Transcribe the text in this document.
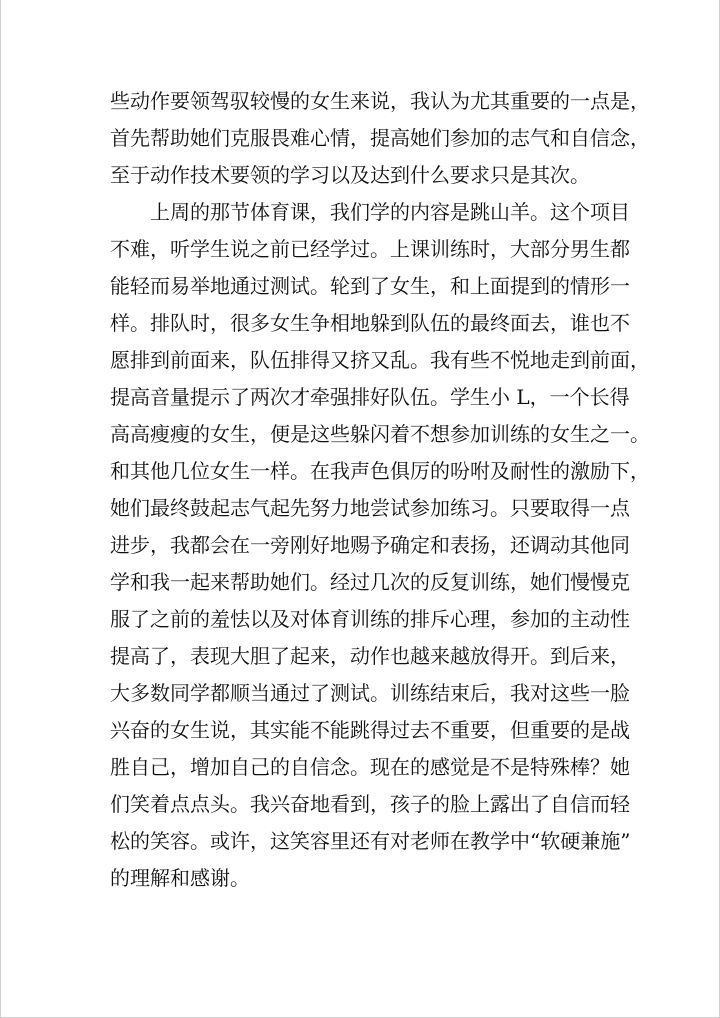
些动作要领驾驭较慢的女生来说，我认为尤其重要的一点是，
首先帮助她们克服畏难心情，提高她们参加的志气和自信念，
至于动作技术要领的学习以及达到什么要求只是其次。
上周的那节体育课，我们学的内容是跳山羊。这个项目
不难，听学生说之前已经学过。上课训练时，大部分男生都
能轻而易举地通过测试。轮到了女生，和上面提到的情形一
样。排队时，很多女生争相地躲到队伍的最终面去，谁也不
愿排到前面来，队伍排得又挤又乱。我有些不悦地走到前面，
提高音量提示了两次才牵强排好队伍。学生小 L，一个长得
高高瘦瘦的女生，便是这些躲闪着不想参加训练的女生之一。
和其他几位女生一样。在我声色俱厉的吩咐及耐性的激励下，
她们最终鼓起志气起先努力地尝试参加练习。只要取得一点
进步，我都会在一旁刚好地赐予确定和表扬，还调动其他同
学和我一起来帮助她们。经过几次的反复训练，她们慢慢克
服了之前的羞怯以及对体育训练的排斥心理，参加的主动性
提高了，表现大胆了起来，动作也越来越放得开。到后来，
大多数同学都顺当通过了测试。训练结束后，我对这些一脸
兴奋的女生说，其实能不能跳得过去不重要，但重要的是战
胜自己，增加自己的自信念。现在的感觉是不是特殊棒？她
们笑着点点头。我兴奋地看到，孩子的脸上露出了自信而轻
松的笑容。或许，这笑容里还有对老师在教学中“软硬兼施”
的理解和感谢。
